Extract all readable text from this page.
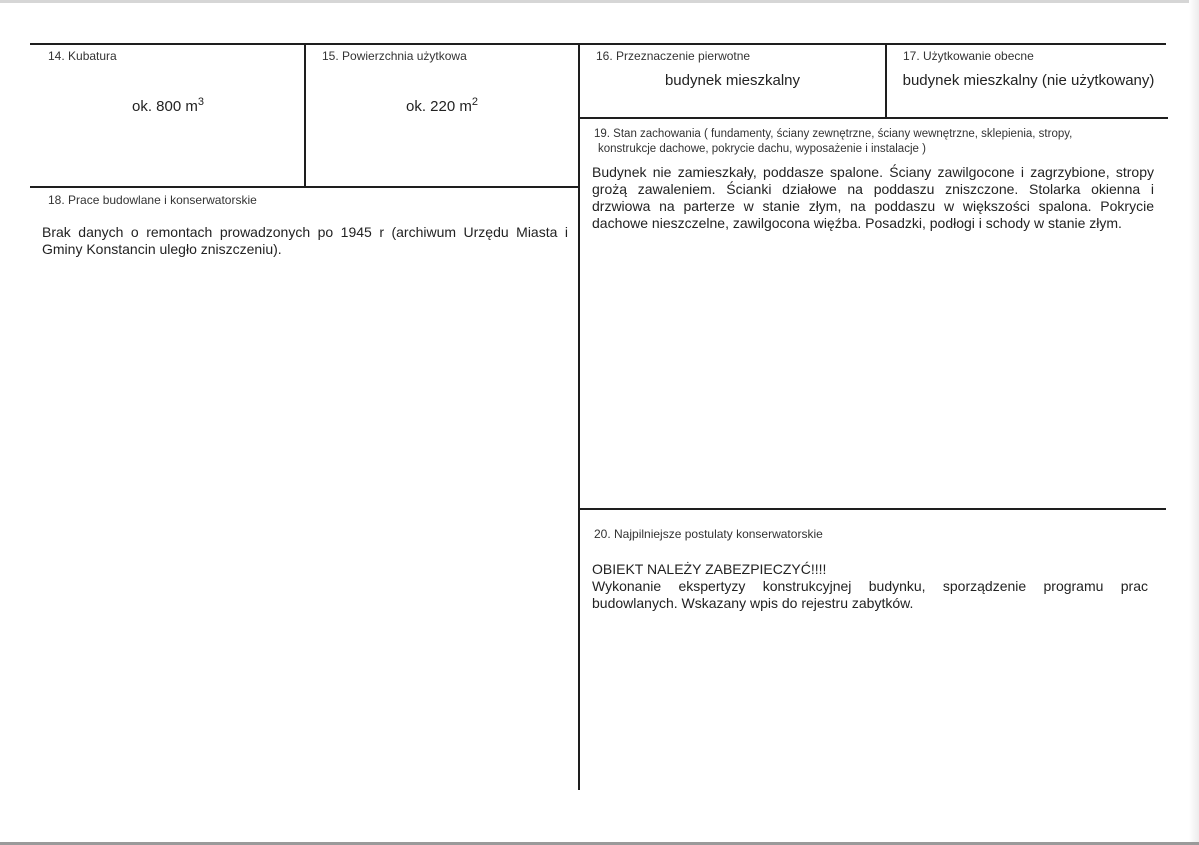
14. Kubatura
ok. 800 $m^3$
15. Powierzchnia użytkowa
ok. 220 $m^2$
16. Przeznaczenie pierwotne
budynek mieszkalny
17. Użytkowanie obecne
budynek mieszkalny (nie użytkowany)
19. Stan zachowania ( fundamenty, ściany zewnętrzne, ściany wewnętrzne, sklepienia, stropy,
konstrukcje dachowe, pokrycie dachu, wyposażenie i instalacje )
Budynek nie zamieszkały, poddasze spalone. Ściany zawilgocone i zagrzybione, stropy grożą zawaleniem. Ścianki działowe na poddaszu zniszczone. Stolarka okienna i drzwiowa na parterze w stanie złym, na poddaszu w większości spalona. Pokrycie dachowe nieszczelne, zawilgocona więźba. Posadzki, podłogi i schody w stanie złym.
18. Prace budowlane i konserwatorskie
Brak danych o remontach prowadzonych po 1945 r (archiwum Urzędu Miasta i Gminy Konstancin uległo zniszczeniu).
20. Najpilniejsze postulaty konserwatorskie
OBIEKT NALEŻY ZABEZPIECZYĆ!!!!
Wykonanie ekspertyzy konstrukcyjnej budynku, sporządzenie programu prac
budowlanych. Wskazany wpis do rejestru zabytków.
